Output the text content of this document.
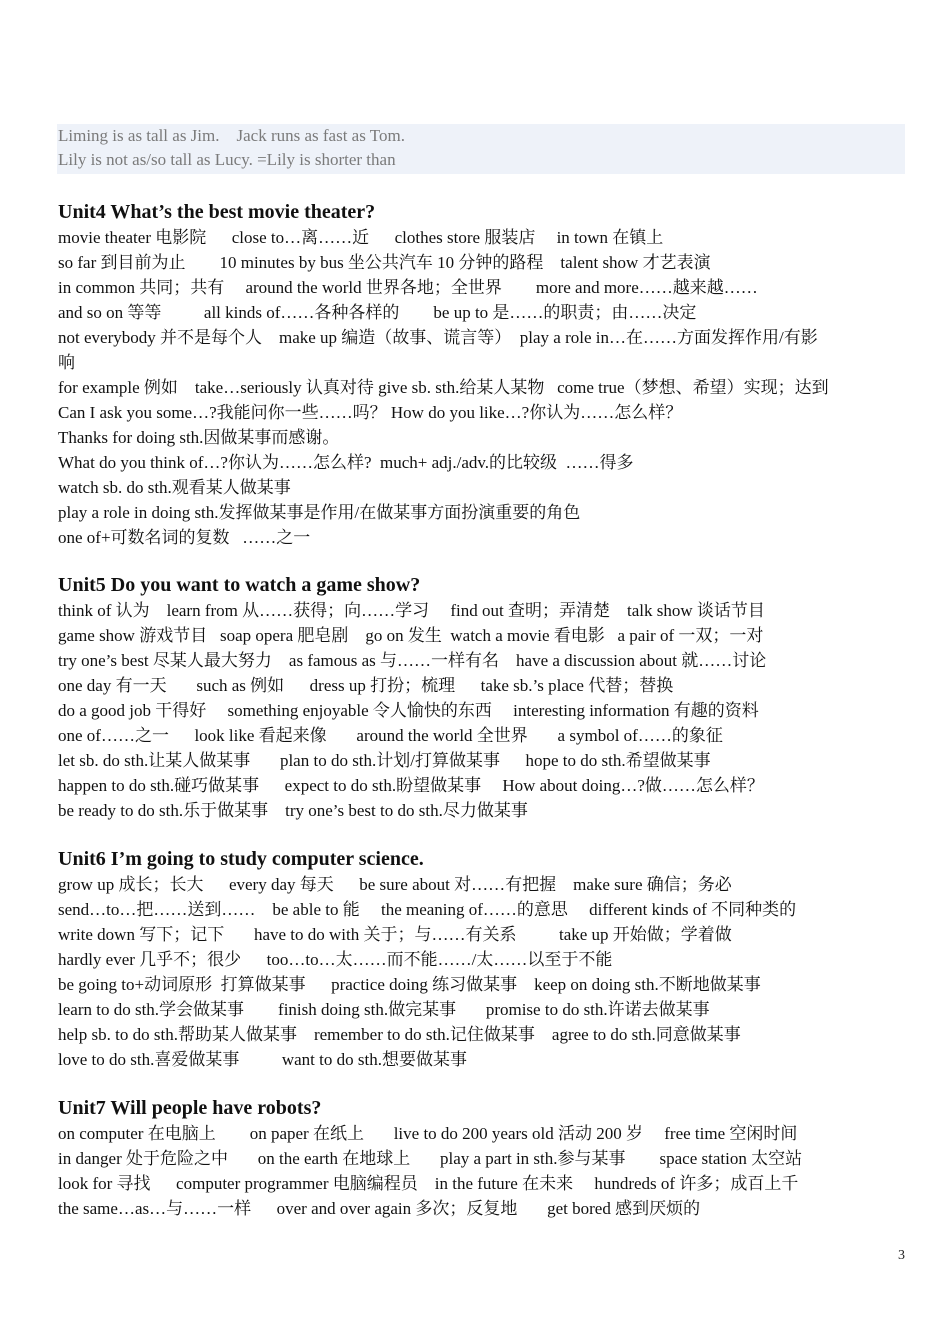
Liming is as tall as Jim.    Jack runs as fast as Tom.
Lily is not as/so tall as Lucy. =Lily is shorter than
Unit4 What’s the best movie theater?
movie theater 电影院      close to…离……近      clothes store 服装店     in town 在镇上
so far 到目前为止        10 minutes by bus 坐公共汽车 10 分钟的路程    talent show 才艺表演
in common 共同；共有     around the world 世界各地；全世界        more and more……越来越……
and so on 等等          all kinds of……各种各样的        be up to 是……的职责；由……决定
not everybody 并不是每个人    make up 编造（故事、谎言等）  play a role in…在……方面发挥作用/有影
响
for example 例如    take…seriously 认真对待 give sb. sth.给某人某物   come true（梦想、希望）实现；达到
Can I ask you some…?我能问你一些……吗？ How do you like…?你认为……怎么样？
Thanks for doing sth.因做某事而感谢。
What do you think of…?你认为……怎么样?  much+ adj./adv.的比较级  ……得多
watch sb. do sth.观看某人做某事
play a role in doing sth.发挥做某事是作用/在做某事方面扮演重要的角色
one of+可数名词的复数   ……之一
Unit5 Do you want to watch a game show?
think of 认为    learn from 从……获得；向……学习     find out 查明；弄清楚    talk show 谈话节目
game show 游戏节目   soap opera 肥皂剧    go on 发生  watch a movie 看电影   a pair of 一双；一对
try one’s best 尽某人最大努力    as famous as 与……一样有名    have a discussion about 就……讨论
one day 有一天       such as 例如      dress up 打扮；梳理      take sb.’s place 代替；替换
do a good job 干得好     something enjoyable 令人愉快的东西     interesting information 有趣的资料
one of……之一      look like 看起来像       around the world 全世界       a symbol of……的象征
let sb. do sth.让某人做某事       plan to do sth.计划/打算做某事      hope to do sth.希望做某事
happen to do sth.碰巧做某事      expect to do sth.盼望做某事     How about doing…?做……怎么样？
be ready to do sth.乐于做某事    try one’s best to do sth.尽力做某事
Unit6 I’m going to study computer science.
grow up 成长；长大      every day 每天      be sure about 对……有把握    make sure 确信；务必
send…to…把……送到……    be able to 能     the meaning of……的意思     different kinds of 不同种类的
write down 写下；记下       have to do with 关于；与……有关系          take up 开始做；学着做
hardly ever 几乎不；很少      too…to…太……而不能……/太……以至于不能
be going to+动词原形  打算做某事      practice doing 练习做某事    keep on doing sth.不断地做某事
learn to do sth.学会做某事        finish doing sth.做完某事       promise to do sth.许诺去做某事
help sb. to do sth.帮助某人做某事    remember to do sth.记住做某事    agree to do sth.同意做某事
love to do sth.喜爱做某事          want to do sth.想要做某事
Unit7 Will people have robots?
on computer 在电脑上        on paper 在纸上       live to do 200 years old 活动 200 岁     free time 空闲时间
in danger 处于危险之中       on the earth 在地球上       play a part in sth.参与某事        space station 太空站
look for 寻找      computer programmer 电脑编程员    in the future 在未来     hundreds of 许多；成百上千
the same…as…与……一样      over and over again 多次；反复地       get bored 感到厌烦的
3
